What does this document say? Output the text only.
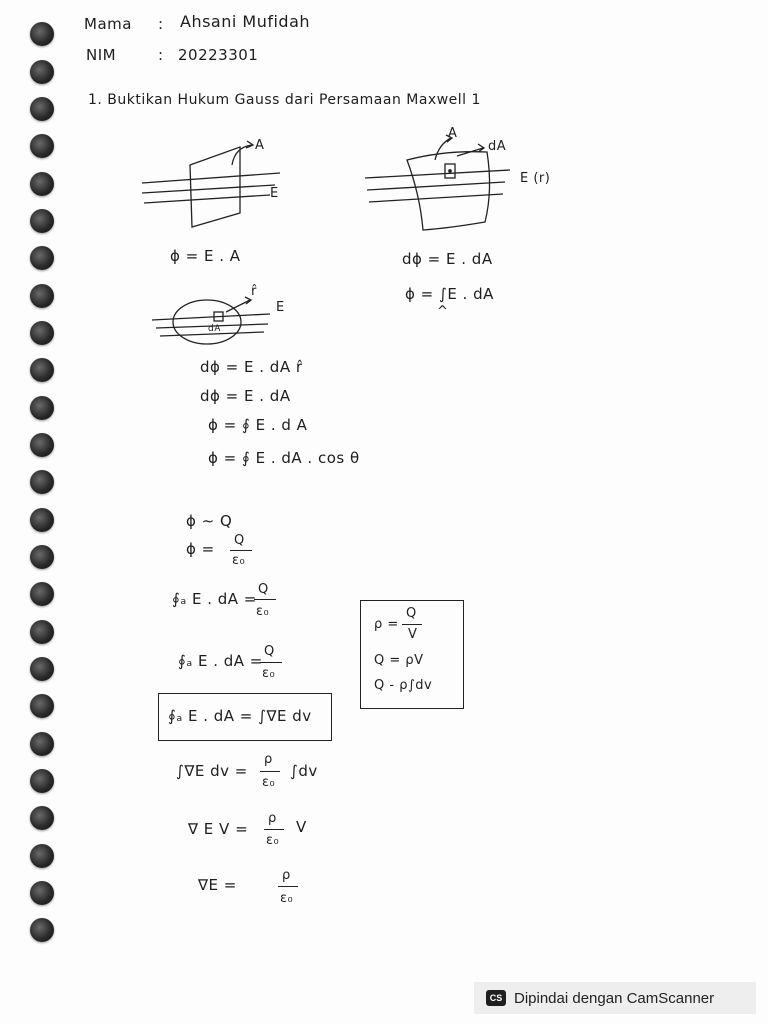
Mama : Ahsani Mufidah
NIM	: 20223301
1. Buktikan Hukum Gauss dari Persamaan Maxwell 1
A
E
A
dA
E (r)
ϕ = E . A	dϕ = E . dA
ϕ = ∫E . dA
^
r̂
E
dA
dϕ = E . dA r̂
dϕ = E . dA
ϕ = ∮ E . d A
ϕ = ∮ E . dA . cos θ
ϕ ∼ Q
ϕ = Q
ε₀
∮ₐ E . dA =
Q
ε₀
∮ₐ E . dA =
Q
ε₀
∮ₐ E . dA = ∫∇E dv
∫∇E dv =
ρ
ε₀
∫dv
∇ E V =
ρ
ε₀
V
∇E =
ρ
ε₀
ρ =
Q
V
Q = ρV
Q - ρ∫dv
CS Dipindai dengan CamScanner
